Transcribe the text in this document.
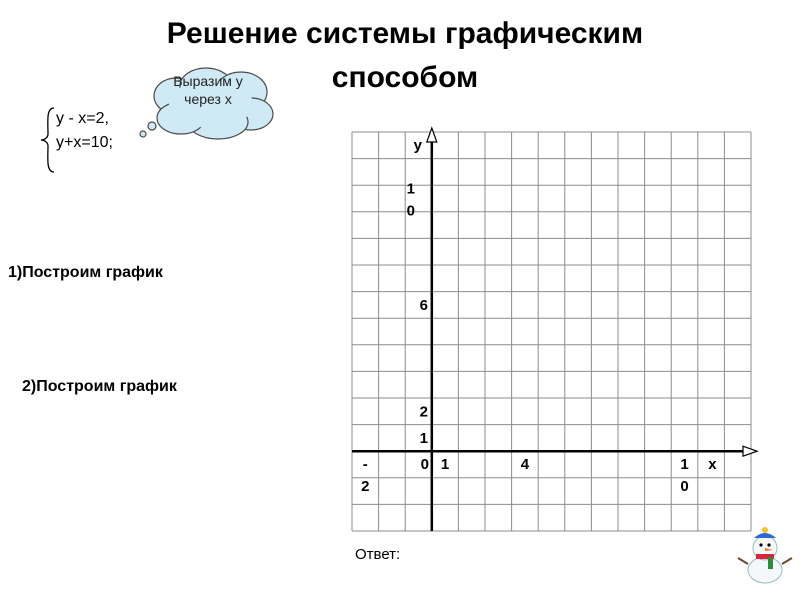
Решение системы графическим
способом
y - x=2,
y+x=10;
Выразим у через х
1)Построим график
2)Построим график
x
y
-
2
0 1	4	1
0
1
2
6
1
0
Ответ:
